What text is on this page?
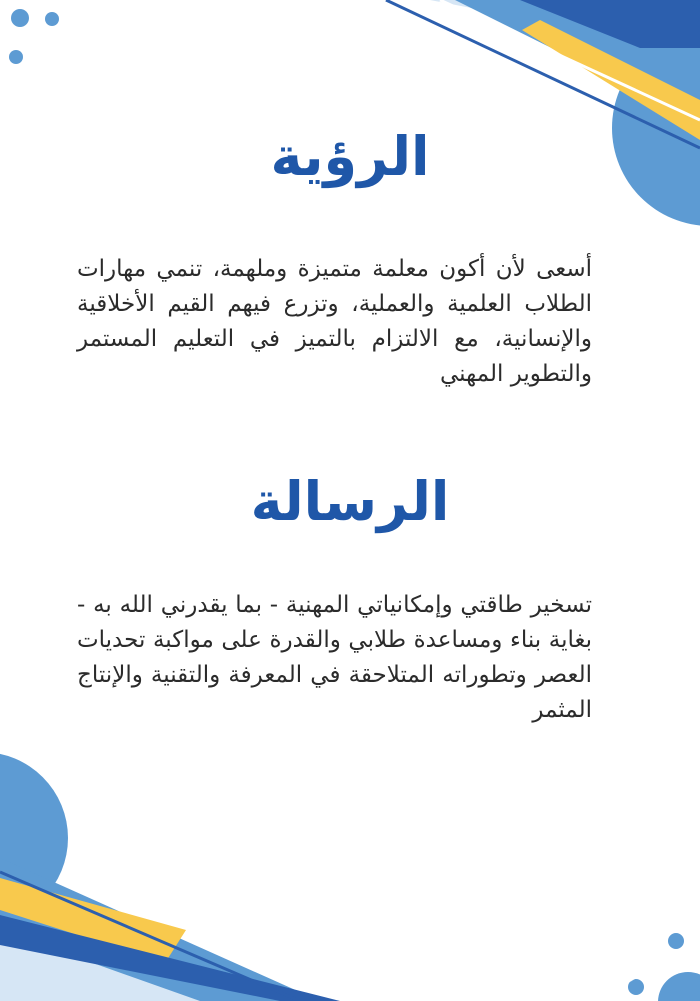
الرؤية

أسعى لأن أكون معلمة متميزة وملهمة، تنمي مهارات الطلاب العلمية والعملية، وتزرع فيهم القيم الأخلاقية والإنسانية، مع الالتزام بالتميز في التعليم المستمر والتطوير المهني

الرسالة

تسخير طاقتي وإمكانياتي المهنية - بما يقدرني الله به - بغاية بناء ومساعدة طلابي والقدرة على مواكبة تحديات العصر وتطوراته المتلاحقة في المعرفة والتقنية والإنتاج المثمر

حراج
